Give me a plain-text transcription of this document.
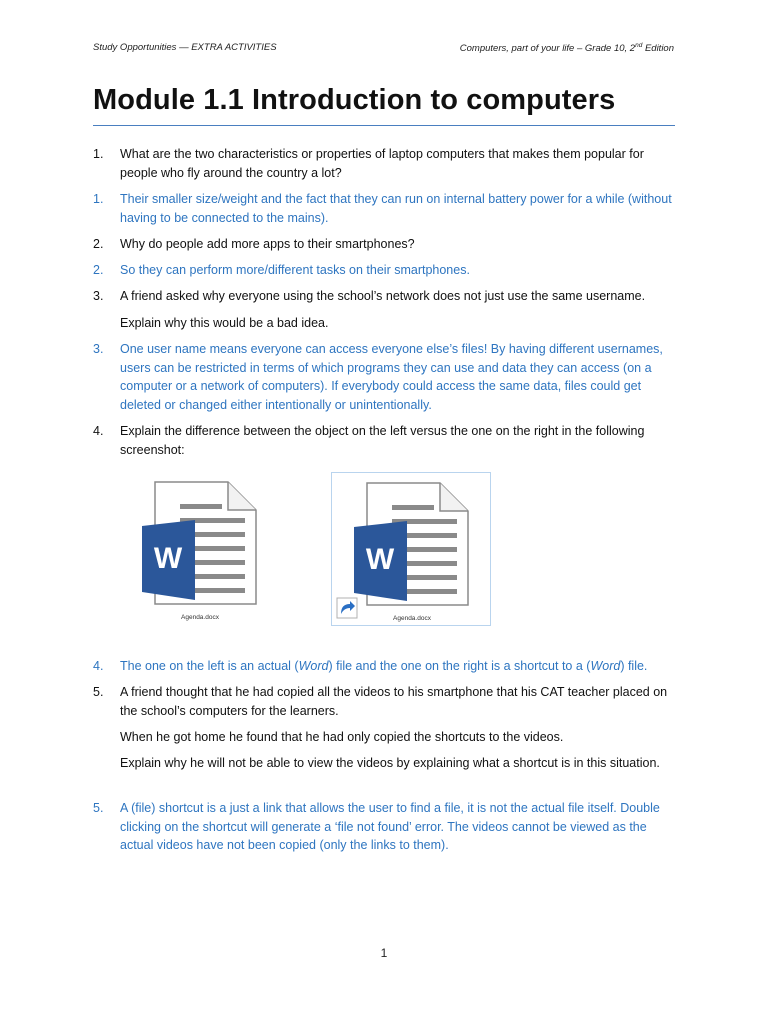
Study Opportunities — EXTRA ACTIVITIES	Computers, part of your life – Grade 10, 2nd Edition
Module 1.1 Introduction to computers
1.	What are the two characteristics or properties of laptop computers that makes them popular for people who fly around the country a lot?
1.	Their smaller size/weight and the fact that they can run on internal battery power for a while (without having to be connected to the mains).
2.	Why do people add more apps to their smartphones?
2.	So they can perform more/different tasks on their smartphones.
3.	A friend asked why everyone using the school’s network does not just use the same username.
Explain why this would be a bad idea.
3.	One user name means everyone can access everyone else’s files! By having different usernames, users can be restricted in terms of which programs they can use and data they can access (on a computer or a network of computers). If everybody could access the same data, files could get deleted or changed either intentionally or unintentionally.
4.	Explain the difference between the object on the left versus the one on the right in the following screenshot:
W
Agenda.docx
W
Agenda.docx
4.	The one on the left is an actual (Word) file and the one on the right is a shortcut to a (Word) file.
5.	A friend thought that he had copied all the videos to his smartphone that his CAT teacher placed on the school’s computers for the learners.
When he got home he found that he had only copied the shortcuts to the videos.
Explain why he will not be able to view the videos by explaining what a shortcut is in this situation.
5.	A (file) shortcut is a just a link that allows the user to find a file, it is not the actual file itself. Double clicking on the shortcut will generate a ‘file not found’ error. The videos cannot be viewed as the actual videos have not been copied (only the links to them).
1
